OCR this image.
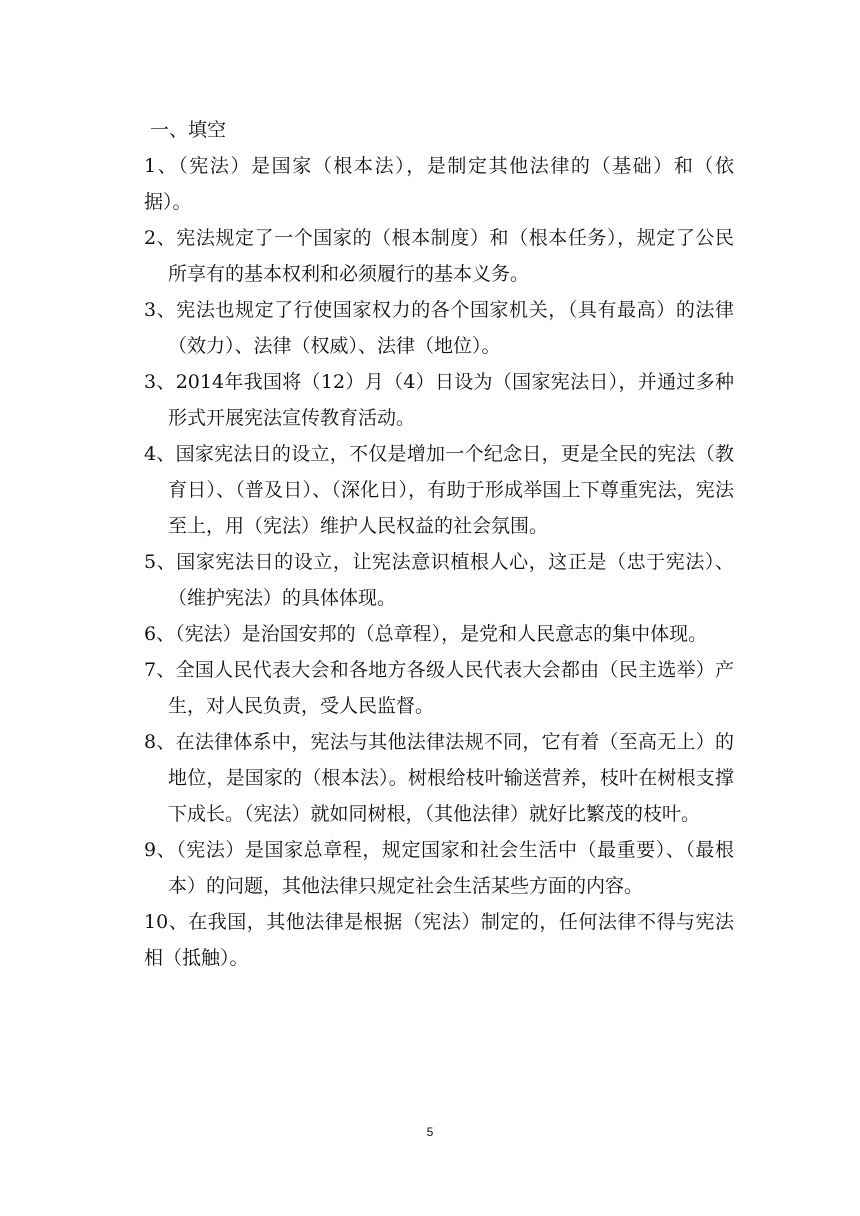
一、填空

1、（宪法）是国家（根本法），是制定其他法律的（基础）和（依据）。

2、宪法规定了一个国家的（根本制度）和（根本任务），规定了公民所享有的基本权利和必须履行的基本义务。

3、宪法也规定了行使国家权力的各个国家机关，（具有最高）的法律（效力）、法律（权威）、法律（地位）。

3、2014年我国将（12）月（4）日设为（国家宪法日），并通过多种形式开展宪法宣传教育活动。

4、国家宪法日的设立，不仅是增加一个纪念日，更是全民的宪法（教育日）、（普及日）、（深化日），有助于形成举国上下尊重宪法，宪法至上，用（宪法）维护人民权益的社会氛围。

5、国家宪法日的设立，让宪法意识植根人心，这正是（忠于宪法）、（维护宪法）的具体体现。

6、（宪法）是治国安邦的（总章程），是党和人民意志的集中体现。

7、全国人民代表大会和各地方各级人民代表大会都由（民主选举）产生，对人民负责，受人民监督。

8、在法律体系中，宪法与其他法律法规不同，它有着（至高无上）的地位，是国家的（根本法）。树根给枝叶输送营养，枝叶在树根支撑下成长。（宪法）就如同树根，（其他法律）就好比繁茂的枝叶。

9、（宪法）是国家总章程，规定国家和社会生活中（最重要）、（最根本）的问题，其他法律只规定社会生活某些方面的内容。

10、在我国，其他法律是根据（宪法）制定的，任何法律不得与宪法相（抵触）。

5
